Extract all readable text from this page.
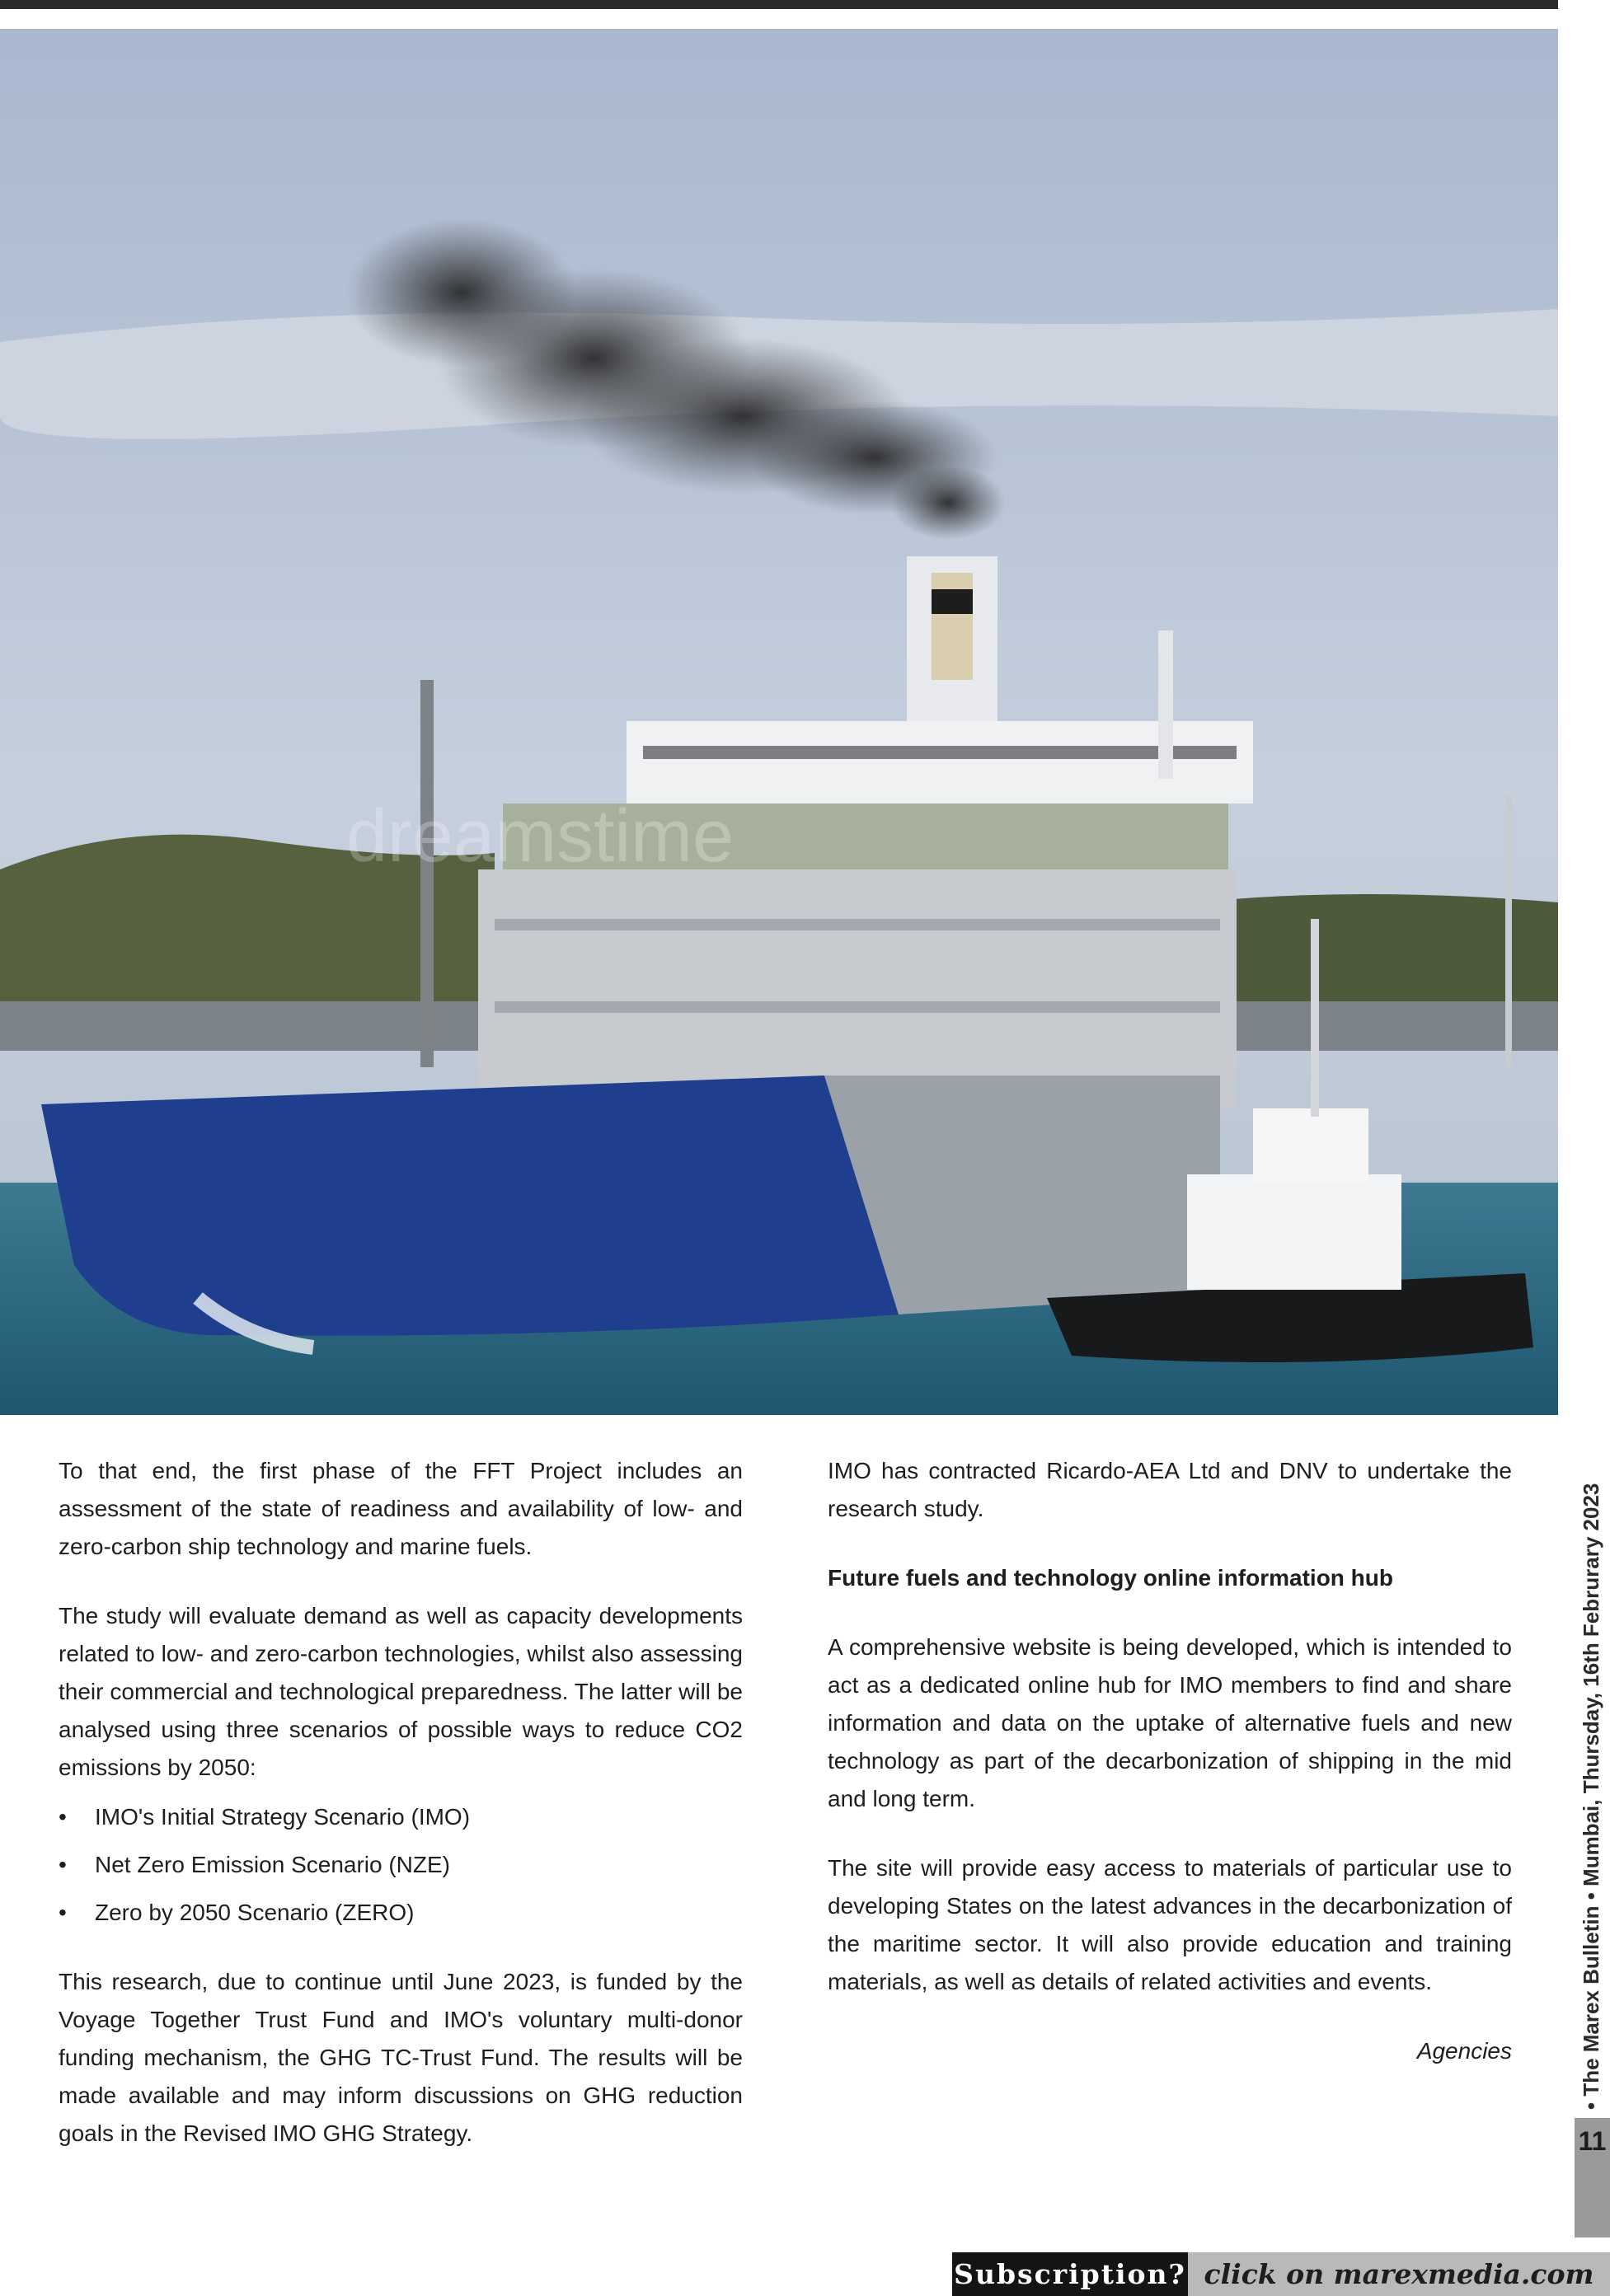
dreamstime

To that end, the first phase of the FFT Project includes an assessment of the state of readiness and availability of low- and zero-carbon ship technology and marine fuels.

The study will evaluate demand as well as capacity developments related to low- and zero-carbon technologies, whilst also assessing their commercial and technological preparedness. The latter will be analysed using three scenarios of possible ways to reduce CO2 emissions by 2050:

• IMO's Initial Strategy Scenario (IMO)
• Net Zero Emission Scenario (NZE)
• Zero by 2050 Scenario (ZERO)

This research, due to continue until June 2023, is funded by the Voyage Together Trust Fund and IMO's voluntary multi-donor funding mechanism, the GHG TC-Trust Fund. The results will be made available and may inform discussions on GHG reduction goals in the Revised IMO GHG Strategy.

IMO has contracted Ricardo-AEA Ltd and DNV to undertake the research study.

Future fuels and technology online information hub

A comprehensive website is being developed, which is intended to act as a dedicated online hub for IMO members to find and share information and data on the uptake of alternative fuels and new technology as part of the decarbonization of shipping in the mid and long term.

The site will provide easy access to materials of particular use to developing States on the latest advances in the decarbonization of the maritime sector. It will also provide education and training materials, as well as details of related activities and events.

Agencies	• The Marex Bulletin • Mumbai, Thursday, 16th Februrary 2023
11
Subscription? click on marexmedia.com
